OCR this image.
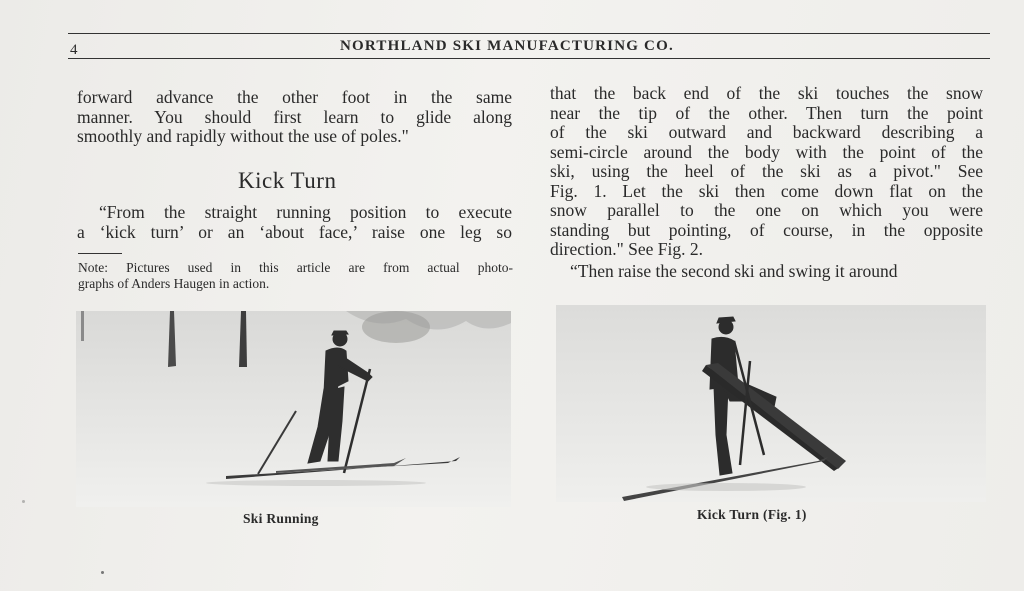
4	NORTHLAND SKI MANUFACTURING CO.

forward advance the other foot in the same

manner. You should first learn to glide along

smoothly and rapidly without the use of poles."

Kick Turn

“From the straight running position to execute

a ‘kick turn’ or an ‘about face,’ raise one leg so

Note: Pictures used in this article are from actual photo-
graphs of Anders Haugen in action.

that the back end of the ski touches the snow

near the tip of the other. Then turn the point

of the ski outward and backward describing a

semi-circle around the body with the point of the

ski, using the heel of the ski as a pivot." See

Fig. 1. Let the ski then come down flat on the

snow parallel to the one on which you were

standing but pointing, of course, in the opposite

direction." See Fig. 2.

“Then raise the second ski and swing it around

Ski Running	Kick Turn (Fig. 1)
